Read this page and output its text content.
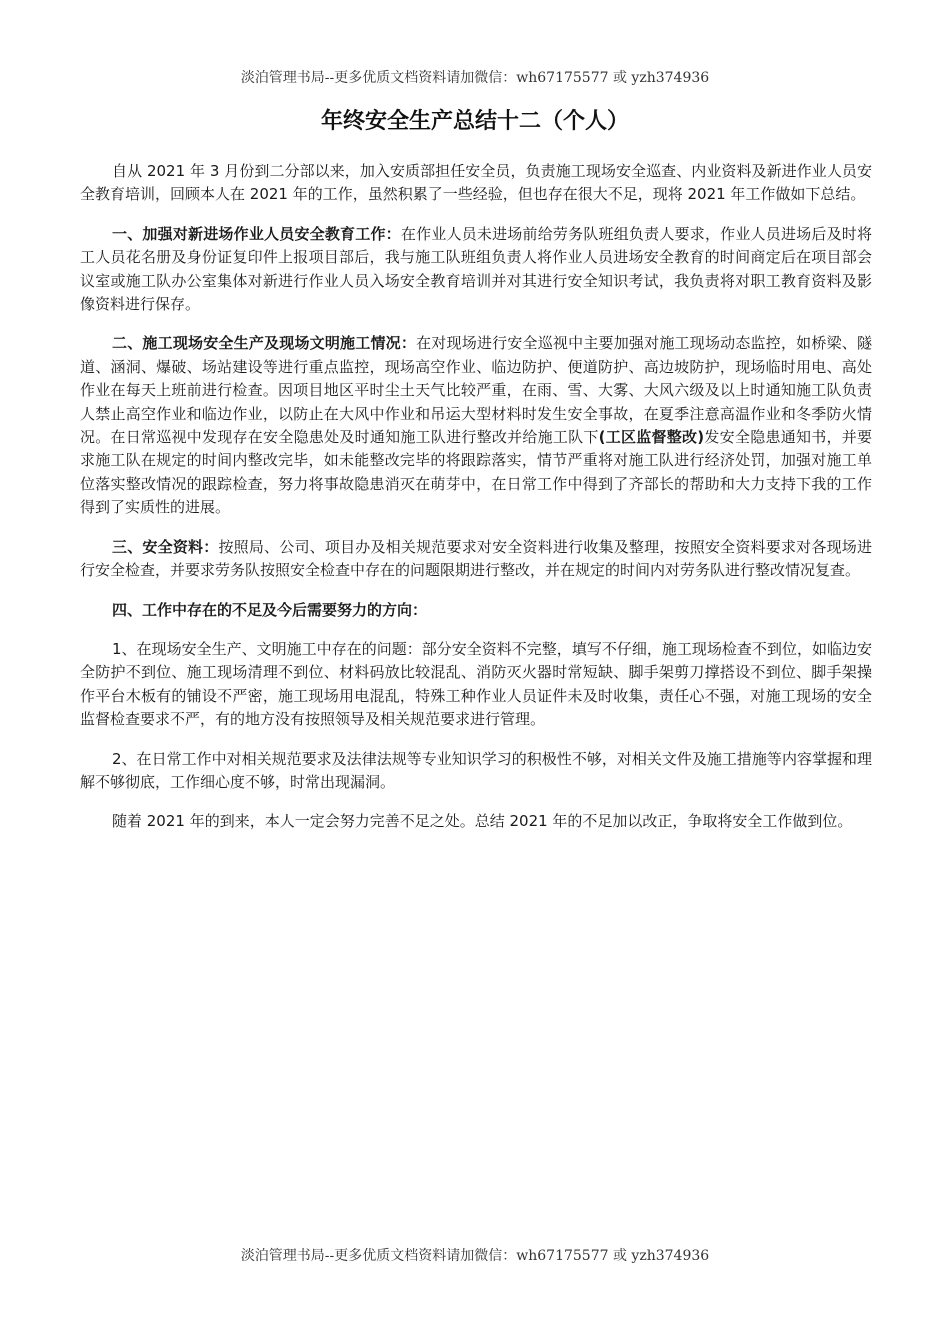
淡泊管理书局--更多优质文档资料请加微信：wh67175577 或 yzh374936
年终安全生产总结十二（个人）

自从 2021 年 3 月份到二分部以来，加入安质部担任安全员，负责施工现场安全巡查、内业资料及新进作业人员安全教育培训，回顾本人在 2021 年的工作，虽然积累了一些经验，但也存在很大不足，现将 2021 年工作做如下总结。

一、加强对新进场作业人员安全教育工作：在作业人员未进场前给劳务队班组负责人要求，作业人员进场后及时将工人员花名册及身份证复印件上报项目部后，我与施工队班组负责人将作业人员进场安全教育的时间商定后在项目部会议室或施工队办公室集体对新进行作业人员入场安全教育培训并对其进行安全知识考试，我负责将对职工教育资料及影像资料进行保存。

二、施工现场安全生产及现场文明施工情况：在对现场进行安全巡视中主要加强对施工现场动态监控，如桥梁、隧道、涵洞、爆破、场站建设等进行重点监控，现场高空作业、临边防护、便道防护、高边坡防护，现场临时用电、高处作业在每天上班前进行检查。因项目地区平时尘土天气比较严重，在雨、雪、大雾、大风六级及以上时通知施工队负责人禁止高空作业和临边作业，以防止在大风中作业和吊运大型材料时发生安全事故，在夏季注意高温作业和冬季防火情况。在日常巡视中发现存在安全隐患处及时通知施工队进行整改并给施工队下(工区监督整改)发安全隐患通知书，并要求施工队在规定的时间内整改完毕，如未能整改完毕的将跟踪落实，情节严重将对施工队进行经济处罚，加强对施工单位落实整改情况的跟踪检查，努力将事故隐患消灭在萌芽中，在日常工作中得到了齐部长的帮助和大力支持下我的工作得到了实质性的进展。

三、安全资料：按照局、公司、项目办及相关规范要求对安全资料进行收集及整理，按照安全资料要求对各现场进行安全检查，并要求劳务队按照安全检查中存在的问题限期进行整改，并在规定的时间内对劳务队进行整改情况复查。

四、工作中存在的不足及今后需要努力的方向：

1、在现场安全生产、文明施工中存在的问题：部分安全资料不完整，填写不仔细，施工现场检查不到位，如临边安全防护不到位、施工现场清理不到位、材料码放比较混乱、消防灭火器时常短缺、脚手架剪刀撑搭设不到位、脚手架操作平台木板有的铺设不严密，施工现场用电混乱，特殊工种作业人员证件未及时收集，责任心不强，对施工现场的安全监督检查要求不严，有的地方没有按照领导及相关规范要求进行管理。

2、在日常工作中对相关规范要求及法律法规等专业知识学习的积极性不够，对相关文件及施工措施等内容掌握和理解不够彻底，工作细心度不够，时常出现漏洞。

随着 2021 年的到来，本人一定会努力完善不足之处。总结 2021 年的不足加以改正，争取将安全工作做到位。

淡泊管理书局--更多优质文档资料请加微信：wh67175577 或 yzh374936
